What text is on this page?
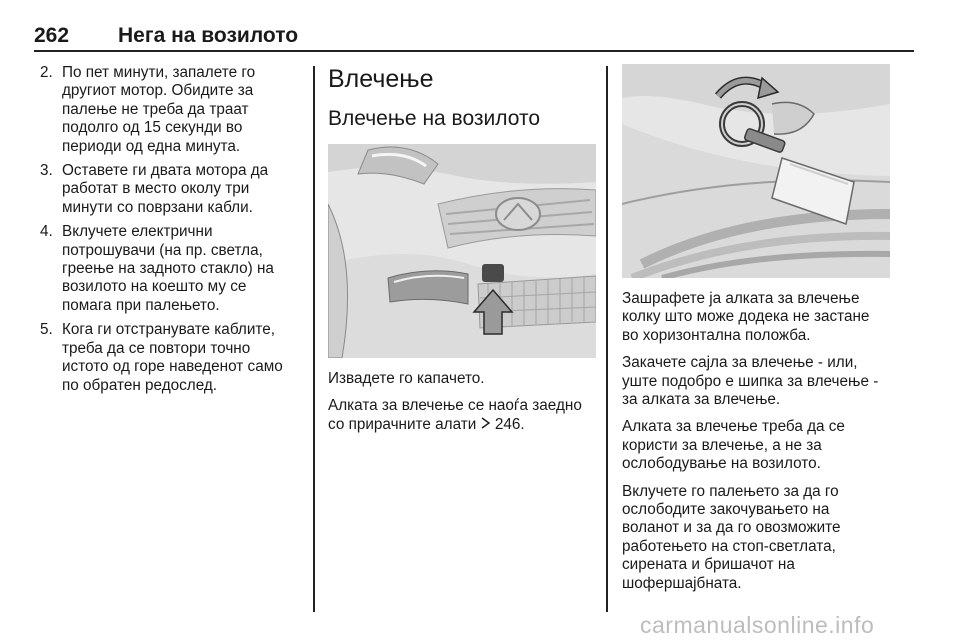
262 Нега на возилото
2. По пет минути, запалете го другиот мотор. Обидите за палење не треба да траат подолго од 15 секунди во периоди од една минута.
3. Оставете ги двата мотора да работат в место околу три минути со поврзани кабли.
4. Вклучете електрични потрошувачи (на пр. светла, греење на задното стакло) на возилото на коешто му се помага при палењето.
5. Кога ги отстранувате каблите, треба да се повтори точно истото од горе наведенот само по обратен редослед.
Влечење
Влечење на возилото

Извадете го капачето.

Алката за влечење се наоѓа заедно со прирачните алати  246.

Зашрафете ја алката за влечење колку што може додека не застане во хоризонтална положба.

Закачете сајла за влечење - или, уште подобро е шипка за влечење - за алката за влечење.

Алката за влечење треба да се користи за влечење, а не за ослободување на возилото.

Вклучете го палењето за да го ослободите закочувањето на воланот и за да го овозможите работењето на стоп-светлата, сирената и бришачот на шофершајбната.

carmanualsonline.info
